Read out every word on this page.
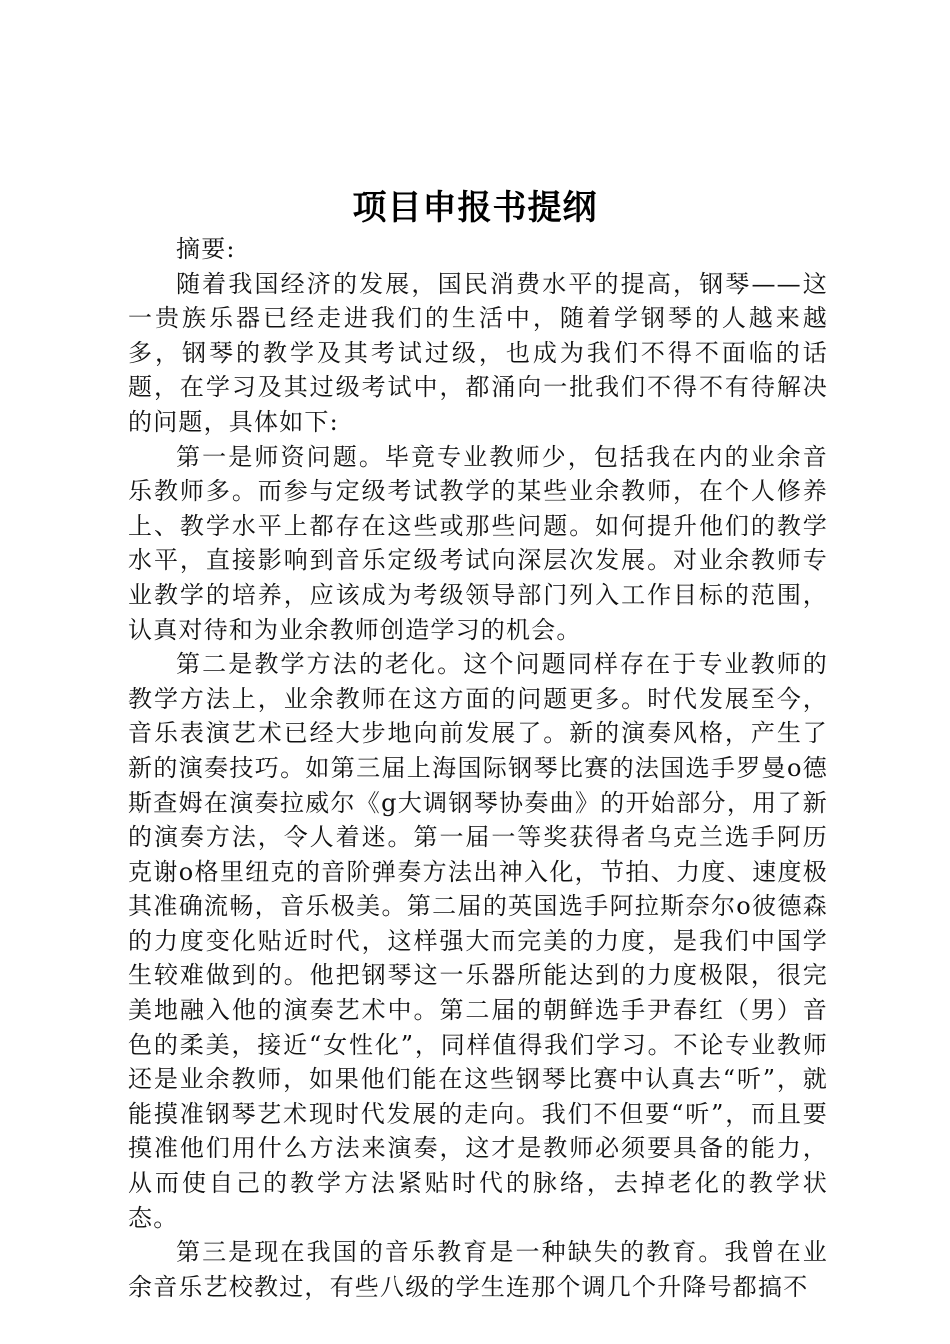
项目申报书提纲

摘要:

随着我国经济的发展，国民消费水平的提高，钢琴——这一贵族乐器已经走进我们的生活中，随着学钢琴的人越来越多，钢琴的教学及其考试过级，也成为我们不得不面临的话题，在学习及其过级考试中，都涌向一批我们不得不有待解决的问题，具体如下:

第一是师资问题。毕竟专业教师少，包括我在内的业余音乐教师多。而参与定级考试教学的某些业余教师，在个人修养上、教学水平上都存在这些或那些问题。如何提升他们的教学水平，直接影响到音乐定级考试向深层次发展。对业余教师专业教学的培养，应该成为考级领导部门列入工作目标的范围，认真对待和为业余教师创造学习的机会。

第二是教学方法的老化。这个问题同样存在于专业教师的教学方法上，业余教师在这方面的问题更多。时代发展至今，音乐表演艺术已经大步地向前发展了。新的演奏风格，产生了新的演奏技巧。如第三届上海国际钢琴比赛的法国选手罗曼o德斯查姆在演奏拉威尔《g大调钢琴协奏曲》的开始部分，用了新的演奏方法，令人着迷。第一届一等奖获得者乌克兰选手阿历克谢o格里纽克的音阶弹奏方法出神入化，节拍、力度、速度极其准确流畅，音乐极美。第二届的英国选手阿拉斯奈尔o彼德森的力度变化贴近时代，这样强大而完美的力度，是我们中国学生较难做到的。他把钢琴这一乐器所能达到的力度极限，很完美地融入他的演奏艺术中。第二届的朝鲜选手尹春红（男）音色的柔美，接近“女性化”，同样值得我们学习。不论专业教师还是业余教师，如果他们能在这些钢琴比赛中认真去“听”，就能摸准钢琴艺术现时代发展的走向。我们不但要“听”，而且要摸准他们用什么方法来演奏，这才是教师必须要具备的能力，从而使自己的教学方法紧贴时代的脉络，去掉老化的教学状态。

第三是现在我国的音乐教育是一种缺失的教育。我曾在业余音乐艺校教过，有些八级的学生连那个调几个升降号都搞不
